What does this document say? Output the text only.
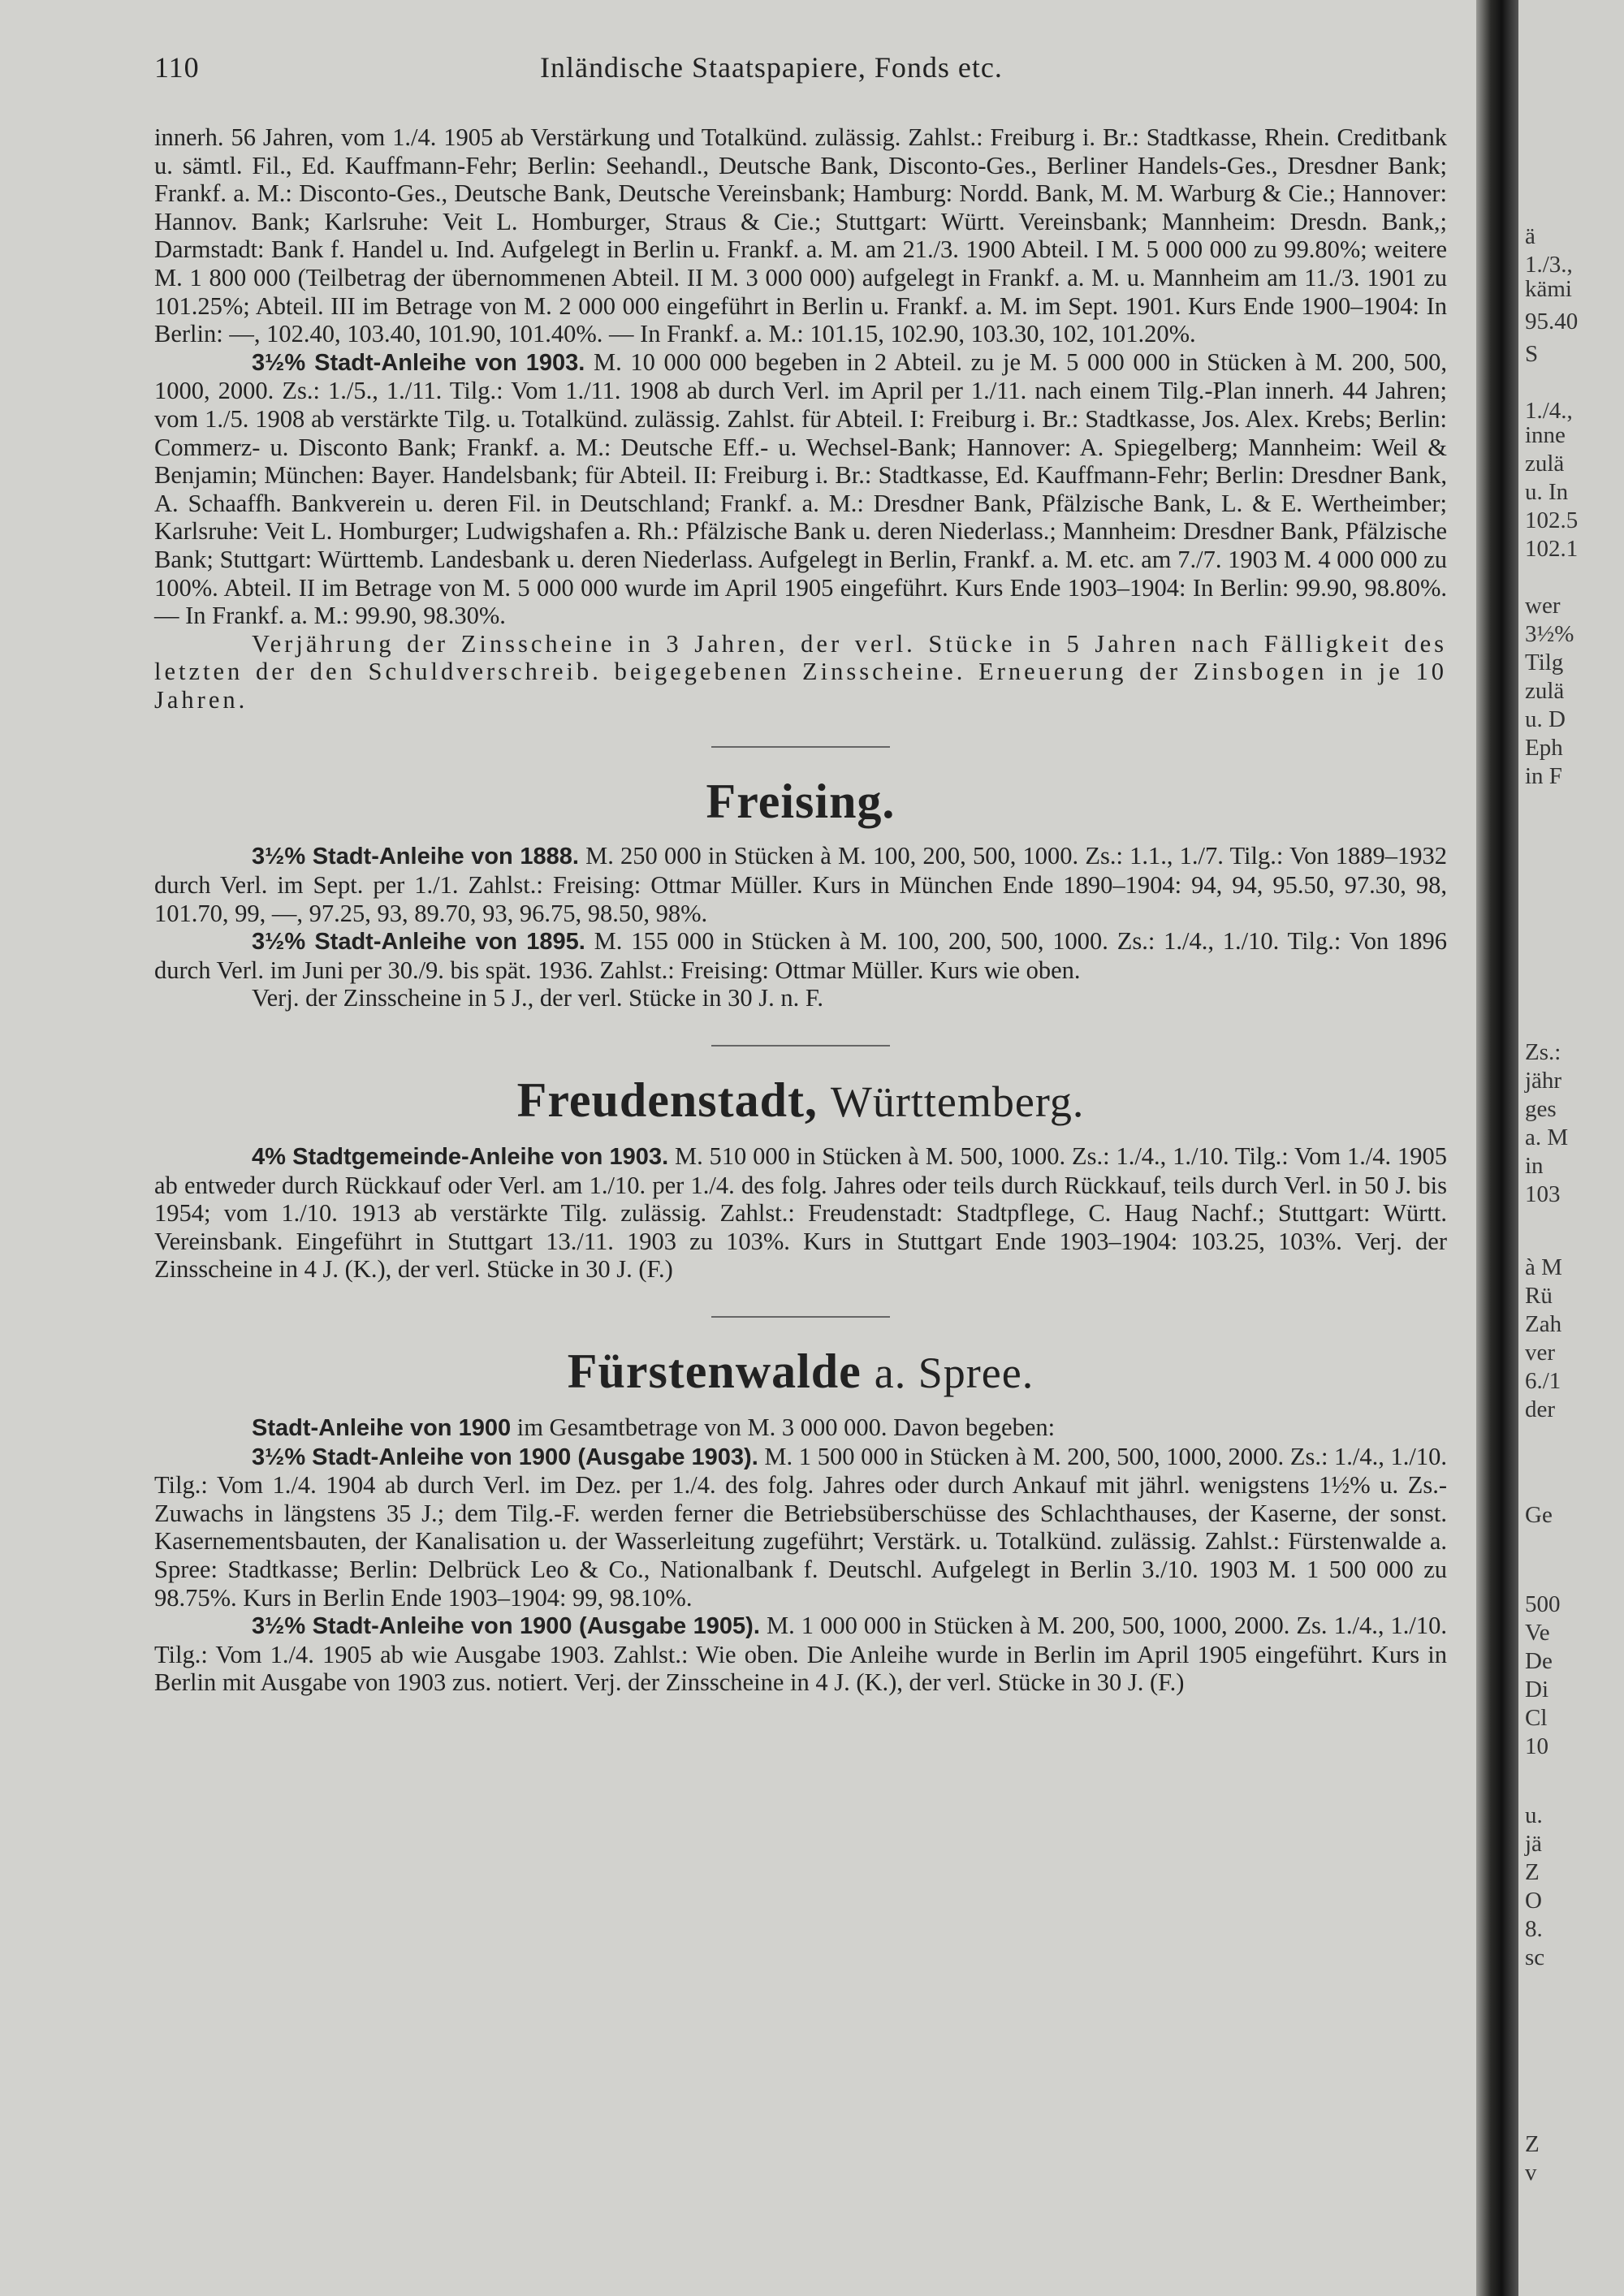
110	Inländische Staatspapiere, Fonds etc.

innerh. 56 Jahren, vom 1./4. 1905 ab Verstärkung und Totalkünd. zulässig. Zahlst.: Freiburg i. Br.: Stadtkasse, Rhein. Creditbank u. sämtl. Fil., Ed. Kauffmann-Fehr; Berlin: Seehandl., Deutsche Bank, Disconto-Ges., Berliner Handels-Ges., Dresdner Bank; Frankf. a. M.: Disconto-Ges., Deutsche Bank, Deutsche Vereinsbank; Hamburg: Nordd. Bank, M. M. Warburg & Cie.; Hannover: Hannov. Bank; Karlsruhe: Veit L. Homburger, Straus & Cie.; Stuttgart: Württ. Vereinsbank; Mannheim: Dresdn. Bank,; Darmstadt: Bank f. Handel u. Ind. Aufgelegt in Berlin u. Frankf. a. M. am 21./3. 1900 Abteil. I M. 5 000 000 zu 99.80%; weitere M. 1 800 000 (Teilbetrag der übernommenen Abteil. II M. 3 000 000) aufgelegt in Frankf. a. M. u. Mannheim am 11./3. 1901 zu 101.25%; Abteil. III im Betrage von M. 2 000 000 eingeführt in Berlin u. Frankf. a. M. im Sept. 1901. Kurs Ende 1900–1904: In Berlin: —, 102.40, 103.40, 101.90, 101.40%. — In Frankf. a. M.: 101.15, 102.90, 103.30, 102, 101.20%.

3½% Stadt-Anleihe von 1903. M. 10 000 000 begeben in 2 Abteil. zu je M. 5 000 000 in Stücken à M. 200, 500, 1000, 2000. Zs.: 1./5., 1./11. Tilg.: Vom 1./11. 1908 ab durch Verl. im April per 1./11. nach einem Tilg.-Plan innerh. 44 Jahren; vom 1./5. 1908 ab verstärkte Tilg. u. Totalkünd. zulässig. Zahlst. für Abteil. I: Freiburg i. Br.: Stadtkasse, Jos. Alex. Krebs; Berlin: Commerz- u. Disconto Bank; Frankf. a. M.: Deutsche Eff.- u. Wechsel-Bank; Hannover: A. Spiegelberg; Mannheim: Weil & Benjamin; München: Bayer. Handelsbank; für Abteil. II: Freiburg i. Br.: Stadtkasse, Ed. Kauffmann-Fehr; Berlin: Dresdner Bank, A. Schaaffh. Bankverein u. deren Fil. in Deutschland; Frankf. a. M.: Dresdner Bank, Pfälzische Bank, L. & E. Wertheimber; Karlsruhe: Veit L. Homburger; Ludwigshafen a. Rh.: Pfälzische Bank u. deren Niederlass.; Mannheim: Dresdner Bank, Pfälzische Bank; Stuttgart: Württemb. Landesbank u. deren Niederlass. Aufgelegt in Berlin, Frankf. a. M. etc. am 7./7. 1903 M. 4 000 000 zu 100%. Abteil. II im Betrage von M. 5 000 000 wurde im April 1905 eingeführt. Kurs Ende 1903–1904: In Berlin: 99.90, 98.80%. — In Frankf. a. M.: 99.90, 98.30%.

Verjährung der Zinsscheine in 3 Jahren, der verl. Stücke in 5 Jahren nach Fälligkeit des letzten der den Schuldverschreib. beigegebenen Zinsscheine. Erneuerung der Zinsbogen in je 10 Jahren.

Freising.

3½% Stadt-Anleihe von 1888. M. 250 000 in Stücken à M. 100, 200, 500, 1000. Zs.: 1.1., 1./7. Tilg.: Von 1889–1932 durch Verl. im Sept. per 1./1. Zahlst.: Freising: Ottmar Müller. Kurs in München Ende 1890–1904: 94, 94, 95.50, 97.30, 98, 101.70, 99, —, 97.25, 93, 89.70, 93, 96.75, 98.50, 98%.

3½% Stadt-Anleihe von 1895. M. 155 000 in Stücken à M. 100, 200, 500, 1000. Zs.: 1./4., 1./10. Tilg.: Von 1896 durch Verl. im Juni per 30./9. bis spät. 1936. Zahlst.: Freising: Ottmar Müller. Kurs wie oben.

Verj. der Zinsscheine in 5 J., der verl. Stücke in 30 J. n. F.

Freudenstadt, Württemberg.

4% Stadtgemeinde-Anleihe von 1903. M. 510 000 in Stücken à M. 500, 1000. Zs.: 1./4., 1./10. Tilg.: Vom 1./4. 1905 ab entweder durch Rückkauf oder Verl. am 1./10. per 1./4. des folg. Jahres oder teils durch Rückkauf, teils durch Verl. in 50 J. bis 1954; vom 1./10. 1913 ab verstärkte Tilg. zulässig. Zahlst.: Freudenstadt: Stadtpflege, C. Haug Nachf.; Stuttgart: Württ. Vereinsbank. Eingeführt in Stuttgart 13./11. 1903 zu 103%. Kurs in Stuttgart Ende 1903–1904: 103.25, 103%. Verj. der Zinsscheine in 4 J. (K.), der verl. Stücke in 30 J. (F.)

Fürstenwalde a. Spree.

Stadt-Anleihe von 1900 im Gesamtbetrage von M. 3 000 000. Davon begeben:

3½% Stadt-Anleihe von 1900 (Ausgabe 1903). M. 1 500 000 in Stücken à M. 200, 500, 1000, 2000. Zs.: 1./4., 1./10. Tilg.: Vom 1./4. 1904 ab durch Verl. im Dez. per 1./4. des folg. Jahres oder durch Ankauf mit jährl. wenigstens 1½% u. Zs.-Zuwachs in längstens 35 J.; dem Tilg.-F. werden ferner die Betriebsüberschüsse des Schlachthauses, der Kaserne, der sonst. Kasernementsbauten, der Kanalisation u. der Wasserleitung zugeführt; Verstärk. u. Totalkünd. zulässig. Zahlst.: Fürstenwalde a. Spree: Stadtkasse; Berlin: Delbrück Leo & Co., Nationalbank f. Deutschl. Aufgelegt in Berlin 3./10. 1903 M. 1 500 000 zu 98.75%. Kurs in Berlin Ende 1903–1904: 99, 98.10%.

3½% Stadt-Anleihe von 1900 (Ausgabe 1905). M. 1 000 000 in Stücken à M. 200, 500, 1000, 2000. Zs. 1./4., 1./10. Tilg.: Vom 1./4. 1905 ab wie Ausgabe 1903. Zahlst.: Wie oben. Die Anleihe wurde in Berlin im April 1905 eingeführt. Kurs in Berlin mit Ausgabe von 1903 zus. notiert. Verj. der Zinsscheine in 4 J. (K.), der verl. Stücke in 30 J. (F.)

ä
1./3.,
kämi
95.40
S
1./4.,
inne
zulä
u. In
102.5
102.1
wer
3½%
Tilg
zulä
u. D
Eph
in F
Zs.:
jähr
ges
a. M
in
103
à M
Rü
Zah
ver
6./1
der
Ge
500
Ve
De
Di
Cl
10
u.
jä
Z
O
8.
sc
Z
v
